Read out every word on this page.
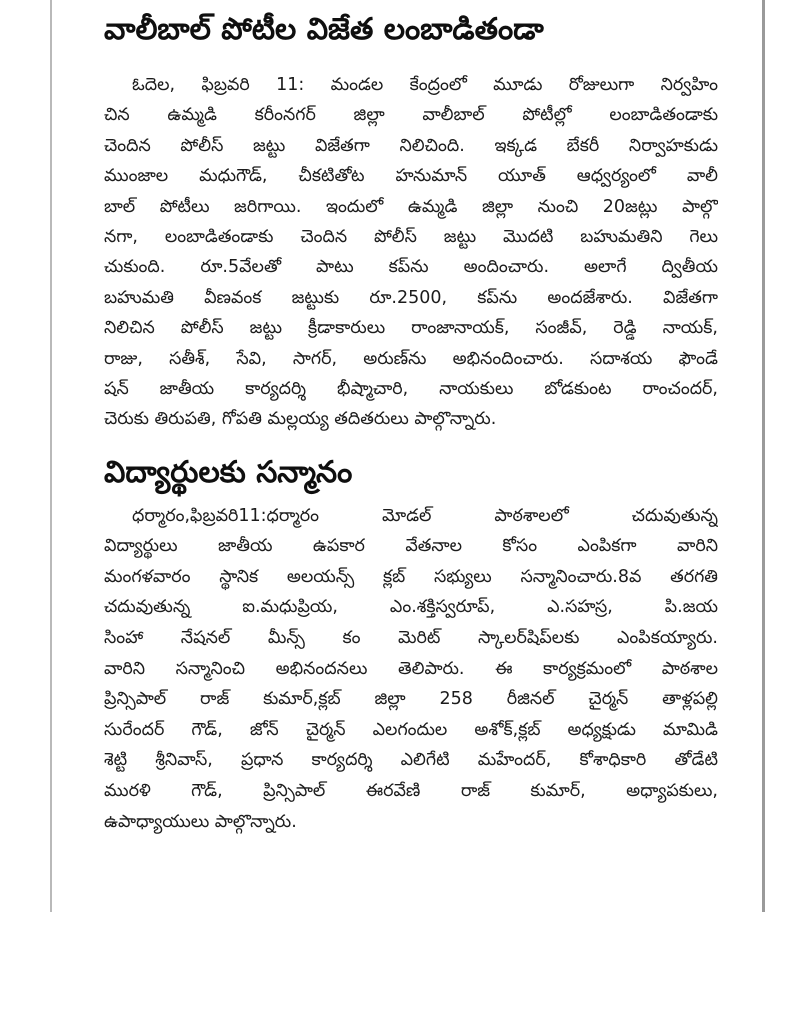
వాలీబాల్ పోటీల విజేత లంబాడితండా
ఓదెల, ఫిబ్రవరి 11: మండల కేంద్రంలో మూడు రోజులుగా నిర్వహిం
చిన ఉమ్మడి కరీంనగర్ జిల్లా వాలీబాల్ పోటీల్లో లంబాడితండాకు
చెందిన పోలీస్ జట్టు విజేతగా నిలిచింది. ఇక్కడ బేకరీ నిర్వాహకుడు
ముంజాల మధుగౌడ్, చీకటితోట హనుమాన్ యూత్ ఆధ్వర్యంలో వాలీ
బాల్ పోటీలు జరిగాయి. ఇందులో ఉమ్మడి జిల్లా నుంచి 20జట్లు పాల్గొ
నగా, లంబాడితండాకు చెందిన పోలీస్ జట్టు మొదటి బహుమతిని గెలు
చుకుంది. రూ.5వేలతో పాటు కప్‌ను అందించారు. అలాగే ద్వితీయ
బహుమతి వీణవంక జట్టుకు రూ.2500, కప్‌ను అందజేశారు. విజేతగా
నిలిచిన పోలీస్ జట్టు క్రీడాకారులు రాంజానాయక్, సంజీవ్, రెడ్డి నాయక్,
రాజు, సతీశ్, సేవి, సాగర్, అరుణ్‌ను అభినందించారు. సదాశయ ఫౌండే
షన్ జాతీయ కార్యదర్శి భీష్మాచారి, నాయకులు బోడకుంట రాంచందర్,
చెరుకు తిరుపతి, గోపతి మల్లయ్య తదితరులు పాల్గొన్నారు.
విద్యార్థులకు సన్మానం
ధర్మారం,ఫిబ్రవరి11:ధర్మారం మోడల్ పాఠశాలలో చదువుతున్న
విద్యార్థులు జాతీయ ఉపకార వేతనాల కోసం ఎంపికగా వారిని
మంగళవారం స్థానిక అలయన్స్ క్లబ్ సభ్యులు సన్మానించారు.8వ తరగతి
చదువుతున్న ఐ.మధుప్రియ, ఎం.శక్తిస్వరూప్, ఎ.సహస్ర, పి.జయ
సింహా నేషనల్ మీన్స్ కం మెరిట్ స్కాలర్‌షిప్‌లకు ఎంపికయ్యారు.
వారిని సన్మానించి అభినందనలు తెలిపారు. ఈ కార్యక్రమంలో పాఠశాల
ప్రిన్సిపాల్ రాజ్ కుమార్,క్లబ్ జిల్లా 258 రీజినల్ చైర్మన్ తాళ్లపల్లి
సురేందర్ గౌడ్, జోన్ చైర్మన్ ఎలగందుల అశోక్,క్లబ్ అధ్యక్షుడు మామిడి
శెట్టి శ్రీనివాస్, ప్రధాన కార్యదర్శి ఎలిగేటి మహేందర్, కోశాధికారి తోడేటి
మురళి గౌడ్, ప్రిన్సిపాల్ ఈరవేణి రాజ్ కుమార్, అధ్యాపకులు,
ఉపాధ్యాయులు పాల్గొన్నారు.
